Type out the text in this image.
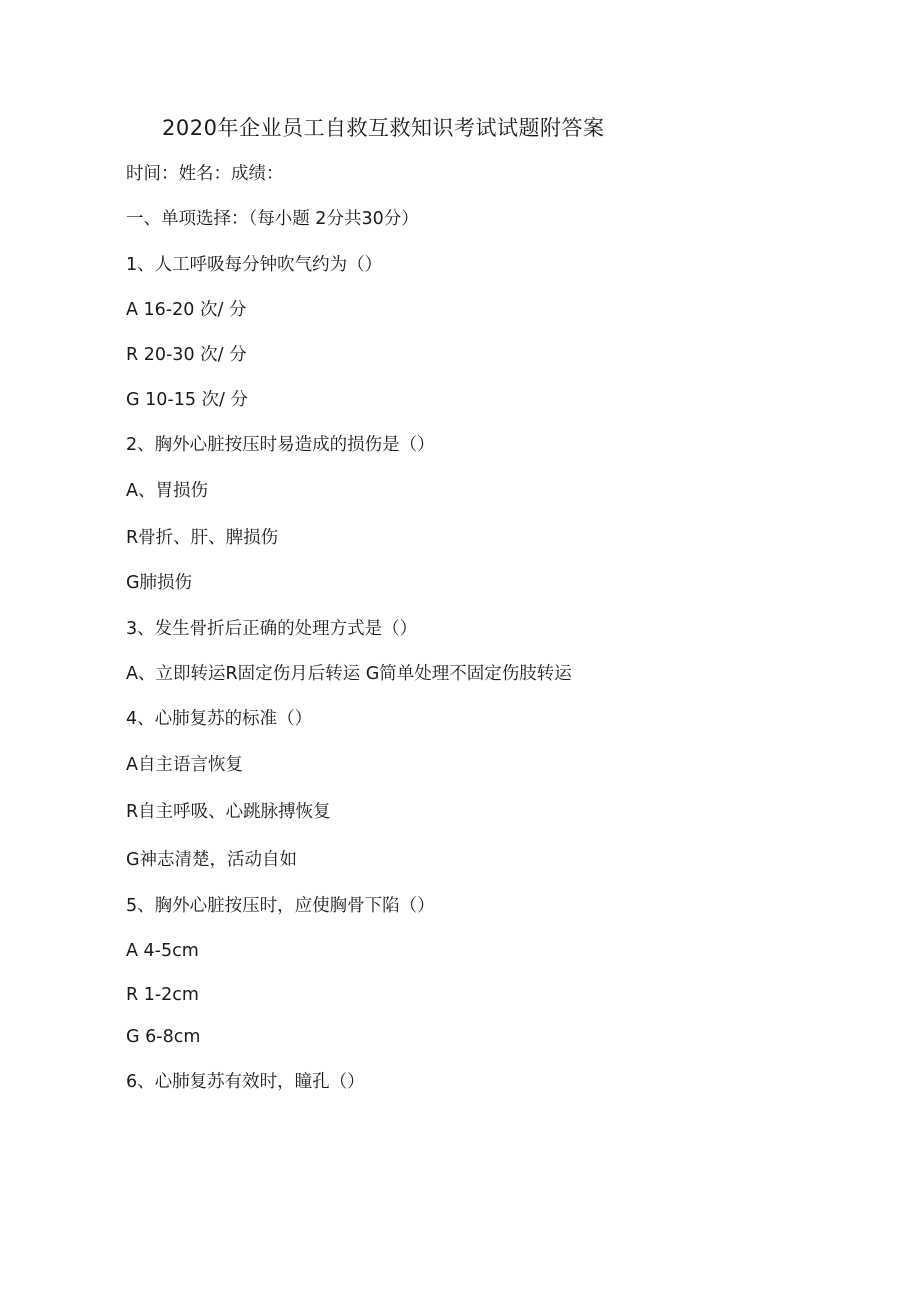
2020年企业员工自救互救知识考试试题附答案
时间：姓名：成绩：
一、单项选择：（每小题 2分共30分）
1、人工呼吸每分钟吹气约为（）
A 16-20 次/ 分
R 20-30 次/ 分
G 10-15 次/ 分
2、胸外心脏按压时易造成的损伤是（）
A、胃损伤
R骨折、肝、脾损伤
G肺损伤
3、发生骨折后正确的处理方式是（）
A、立即转运R固定伤月后转运 G简单处理不固定伤肢转运
4、心肺复苏的标准（）
A自主语言恢复
R自主呼吸、心跳脉搏恢复
G神志清楚，活动自如
5、胸外心脏按压时，应使胸骨下陷（）
A 4-5cm
R 1-2cm
G 6-8cm
6、心肺复苏有效时，瞳孔（）
